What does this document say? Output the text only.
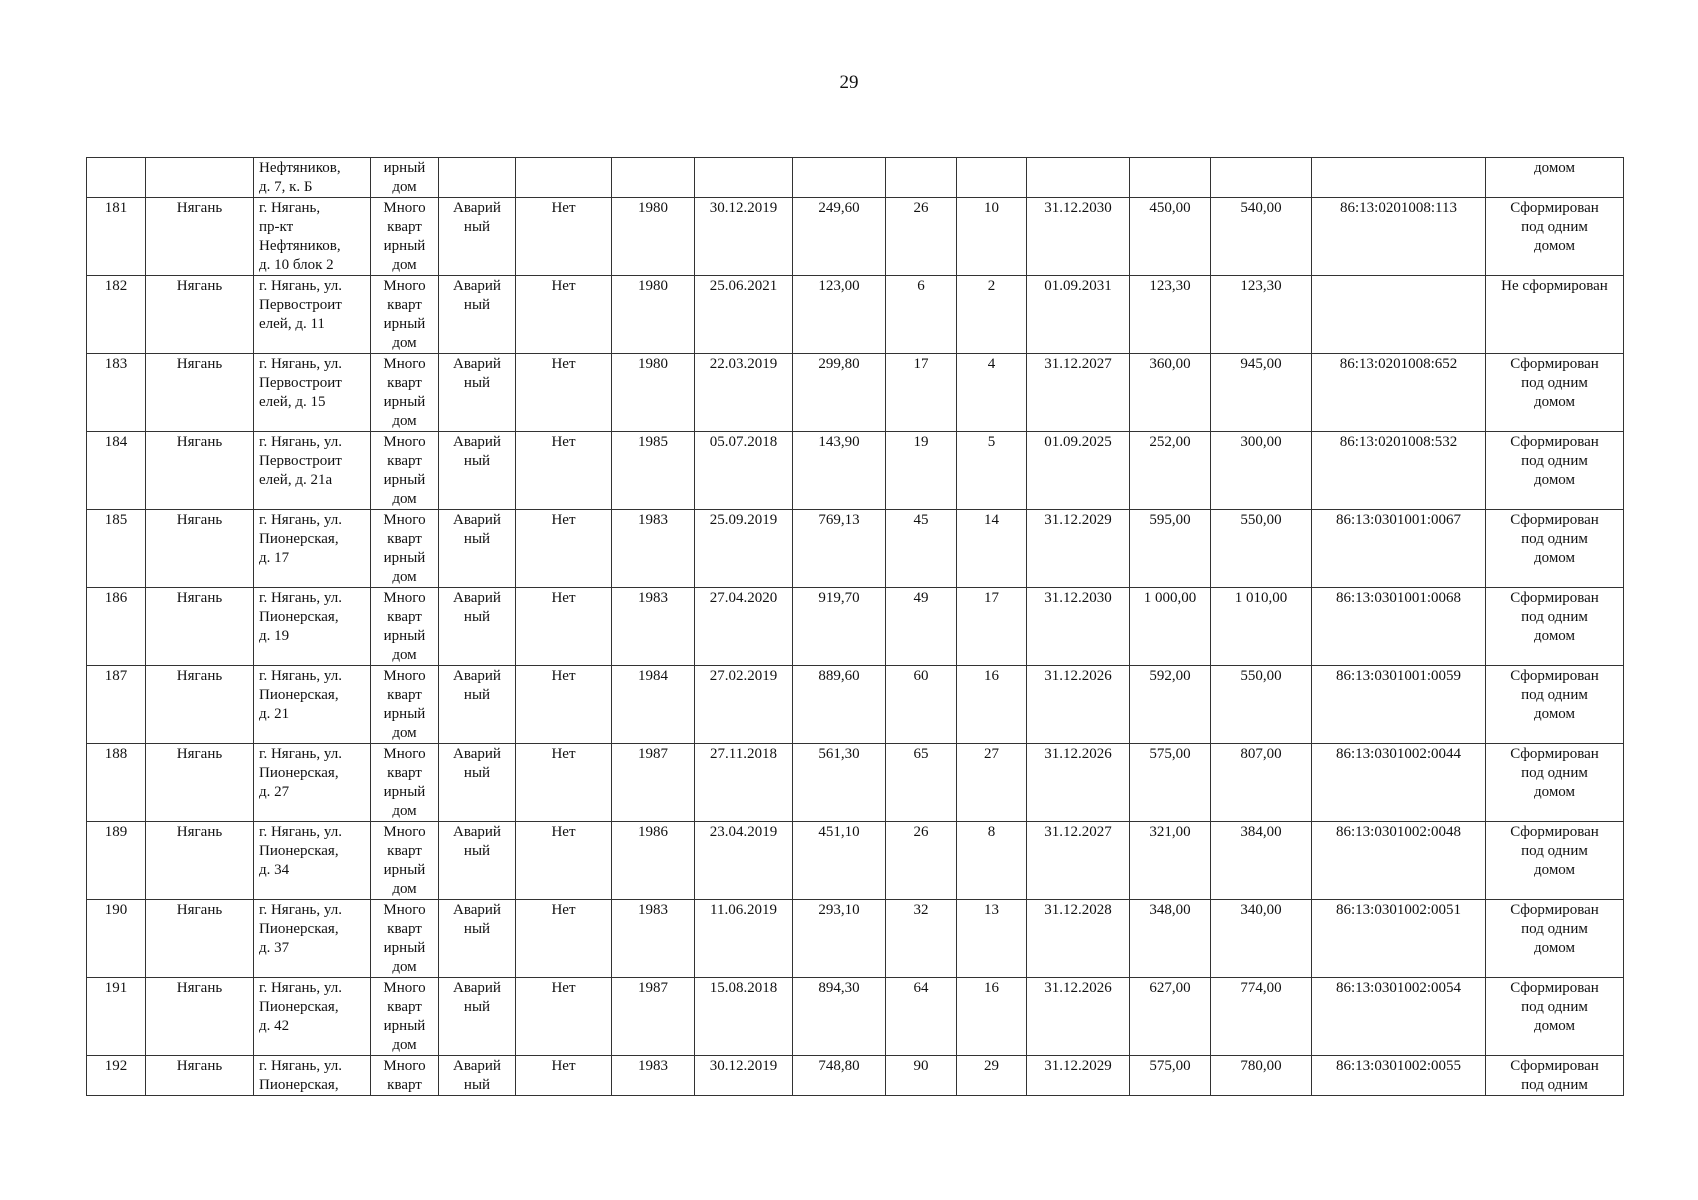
29
		Нефтяников,
д. 7, к. Б	ирный
дом												домом
181	Нягань	г. Нягань,
пр-кт
Нефтяников,
д. 10 блок 2	Много
кварт
ирный
дом	Аварий
ный	Нет	1980	30.12.2019	249,60	26	10	31.12.2030	450,00	540,00	86:13:0201008:113	Сформирован
под одним
домом
182	Нягань	г. Нягань, ул.
Первостроит
елей, д. 11	Много
кварт
ирный
дом	Аварий
ный	Нет	1980	25.06.2021	123,00	6	2	01.09.2031	123,30	123,30		Не сформирован
183	Нягань	г. Нягань, ул.
Первостроит
елей, д. 15	Много
кварт
ирный
дом	Аварий
ный	Нет	1980	22.03.2019	299,80	17	4	31.12.2027	360,00	945,00	86:13:0201008:652	Сформирован
под одним
домом
184	Нягань	г. Нягань, ул.
Первостроит
елей, д. 21а	Много
кварт
ирный
дом	Аварий
ный	Нет	1985	05.07.2018	143,90	19	5	01.09.2025	252,00	300,00	86:13:0201008:532	Сформирован
под одним
домом
185	Нягань	г. Нягань, ул.
Пионерская,
д. 17	Много
кварт
ирный
дом	Аварий
ный	Нет	1983	25.09.2019	769,13	45	14	31.12.2029	595,00	550,00	86:13:0301001:0067	Сформирован
под одним
домом
186	Нягань	г. Нягань, ул.
Пионерская,
д. 19	Много
кварт
ирный
дом	Аварий
ный	Нет	1983	27.04.2020	919,70	49	17	31.12.2030	1 000,00	1 010,00	86:13:0301001:0068	Сформирован
под одним
домом
187	Нягань	г. Нягань, ул.
Пионерская,
д. 21	Много
кварт
ирный
дом	Аварий
ный	Нет	1984	27.02.2019	889,60	60	16	31.12.2026	592,00	550,00	86:13:0301001:0059	Сформирован
под одним
домом
188	Нягань	г. Нягань, ул.
Пионерская,
д. 27	Много
кварт
ирный
дом	Аварий
ный	Нет	1987	27.11.2018	561,30	65	27	31.12.2026	575,00	807,00	86:13:0301002:0044	Сформирован
под одним
домом
189	Нягань	г. Нягань, ул.
Пионерская,
д. 34	Много
кварт
ирный
дом	Аварий
ный	Нет	1986	23.04.2019	451,10	26	8	31.12.2027	321,00	384,00	86:13:0301002:0048	Сформирован
под одним
домом
190	Нягань	г. Нягань, ул.
Пионерская,
д. 37	Много
кварт
ирный
дом	Аварий
ный	Нет	1983	11.06.2019	293,10	32	13	31.12.2028	348,00	340,00	86:13:0301002:0051	Сформирован
под одним
домом
191	Нягань	г. Нягань, ул.
Пионерская,
д. 42	Много
кварт
ирный
дом	Аварий
ный	Нет	1987	15.08.2018	894,30	64	16	31.12.2026	627,00	774,00	86:13:0301002:0054	Сформирован
под одним
домом
192	Нягань	г. Нягань, ул.
Пионерская,	Много
кварт	Аварий
ный	Нет	1983	30.12.2019	748,80	90	29	31.12.2029	575,00	780,00	86:13:0301002:0055	Сформирован
под одним
